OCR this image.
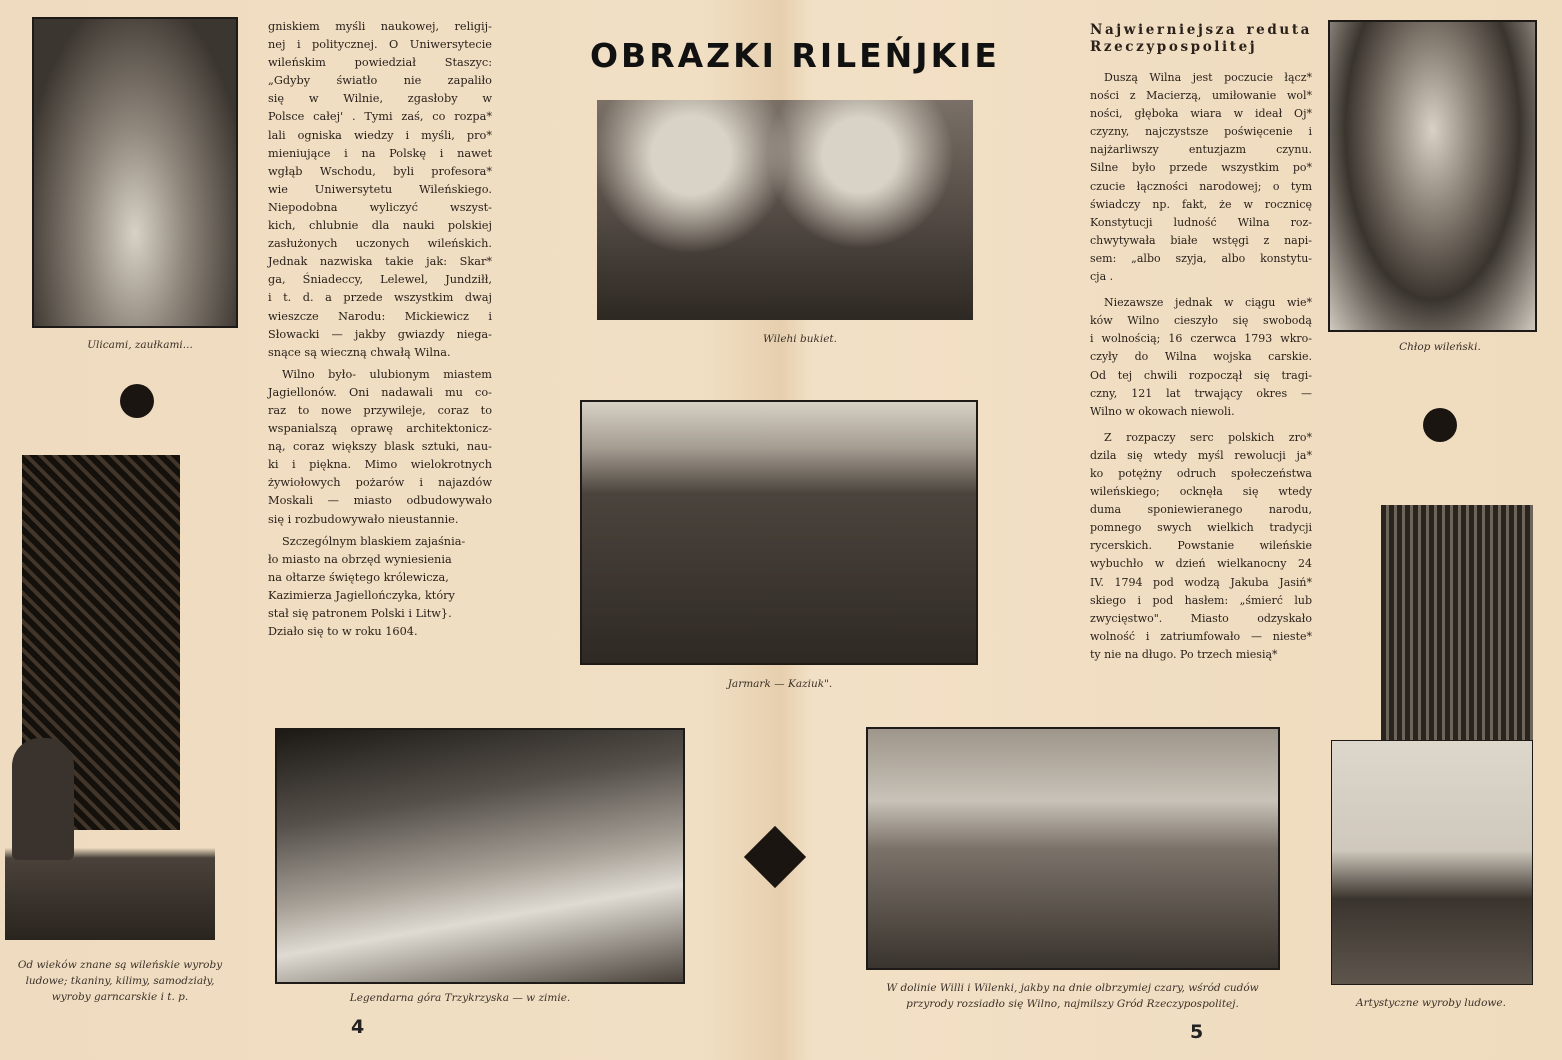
Ulicami, zaułkami...
Od wieków znane są wileńskie wyroby
ludowe; tkaniny, kilimy, samodziały,
wyroby garncarskie i t. p.
gniskiem myśli naukowej, religij-
nej i politycznej. O Uniwersytecie
wileńskim powiedział Staszyc:
„Gdyby światło nie zapaliło
się w Wilnie, zgasłoby w
Polsce całej' . Tymi zaś, co rozpa*
lali ogniska wiedzy i myśli, pro*
mieniujące i na Polskę i nawet
wgłąb Wschodu, byli profesora*
wie Uniwersytetu Wileńskiego.
Niepodobna wyliczyć wszyst-
kich, chlubnie dla nauki polskiej
zasłużonych uczonych wileńskich.
Jednak nazwiska takie jak: Skar*
ga, Śniadeccy, Lelewel, Jundziłł,
i t. d. a przede wszystkim dwaj
wieszcze Narodu: Mickiewicz i
Słowacki — jakby gwiazdy niega-
snące są wieczną chwałą Wilna.
Wilno było- ulubionym miastem
Jagiellonów. Oni nadawali mu co-
raz to nowe przywileje, coraz to
wspanialszą oprawę architektonicz-
ną, coraz większy blask sztuki, nau-
ki i piękna. Mimo wielokrotnych
żywiołowych pożarów i najazdów
Moskali — miasto odbudowywało
się i rozbudowywało nieustannie.
Szczególnym blaskiem zajaśnia-
ło miasto na obrzęd wyniesienia
na ołtarze świętego królewicza,
Kazimierza Jagiellończyka, który
stał się patronem Polski i Litw}.
Działo się to w roku 1604.
OBRAZKI RILEŃJKIE
Wilehi bukiet.
Jarmark — Kaziuk".
Legendarna góra Trzykrzyska — w zimie.
4
W dolinie Willi i Wilenki, jakby na dnie olbrzymiej czary, wśród cudów
przyrody rozsiadło się Wilno, najmilszy Gród Rzeczypospolitej.
5
Najwierniejsza reduta
Rzeczypospolitej
Duszą Wilna jest poczucie łącz*
ności z Macierzą, umiłowanie wol*
ności, głęboka wiara w ideał Oj*
czyzny, najczystsze poświęcenie i
najżarliwszy entuzjazm czynu.
Silne było przede wszystkim po*
czucie łączności narodowej; o tym
świadczy np. fakt, że w rocznicę
Konstytucji ludność Wilna roz-
chwytywała białe wstęgi z napi-
sem: „albo szyja, albo konstytu-
cja .
Niezawsze jednak w ciągu wie*
ków Wilno cieszyło się swobodą
i wolnością; 16 czerwca 1793 wkro-
czyły do Wilna wojska carskie.
Od tej chwili rozpoczął się tragi-
czny, 121 lat trwający okres —
Wilno w okowach niewoli.
Z rozpaczy serc polskich zro*
dzila się wtedy myśl rewolucji ja*
ko potężny odruch społeczeństwa
wileńskiego; ocknęła się wtedy
duma sponiewieranego narodu,
pomnego swych wielkich tradycji
rycerskich. Powstanie wileńskie
wybuchło w dzień wielkanocny 24
IV. 1794 pod wodzą Jakuba Jasiń*
skiego i pod hasłem: „śmierć lub
zwycięstwo". Miasto odzyskało
wolność i zatriumfowało — nieste*
ty nie na długo. Po trzech miesią*
Chłop wileński.
Artystyczne wyroby ludowe.
